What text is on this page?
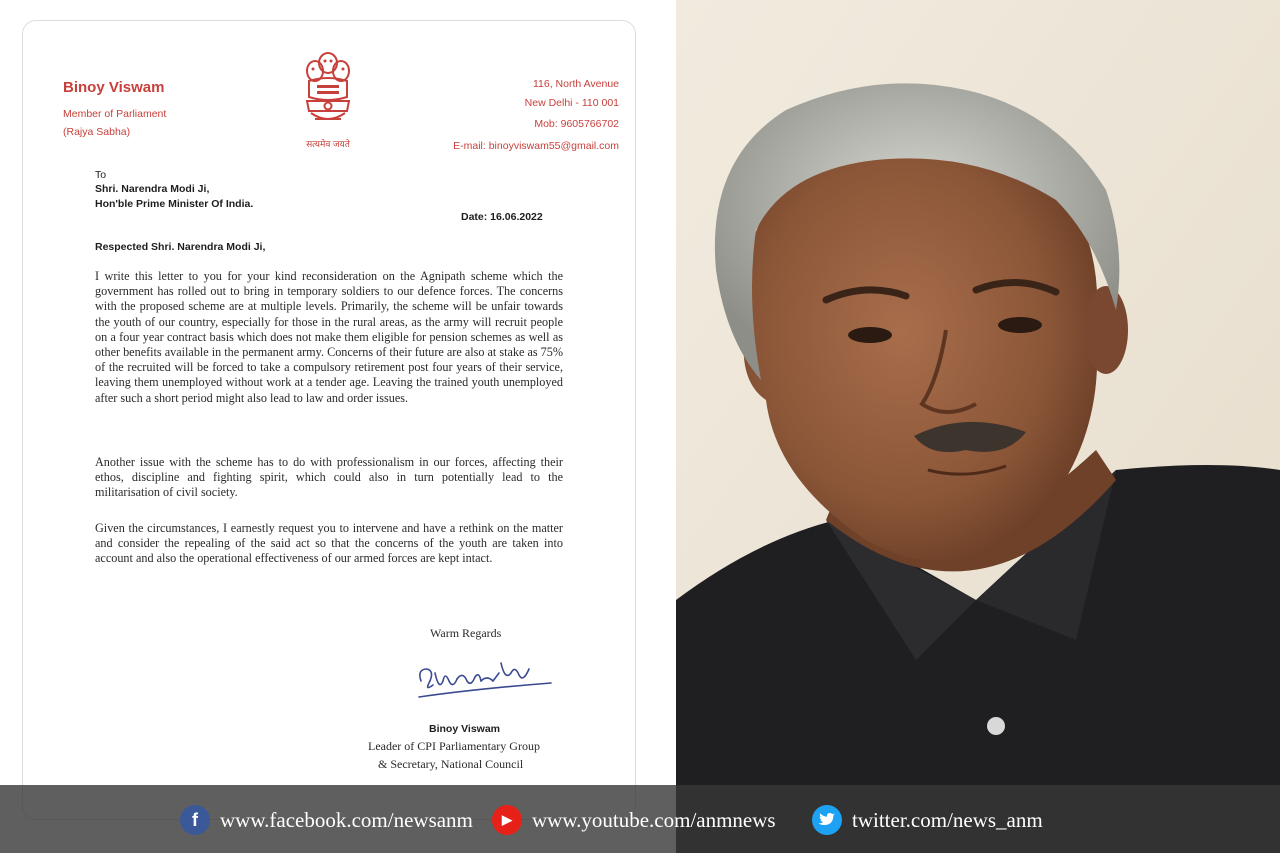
Binoy Viswam
Member of Parliament
(Rajya Sabha)
सत्यमेव जयते
116, North Avenue
New Delhi - 110 001
Mob: 9605766702
E-mail: binoyviswam55@gmail.com
To
Shri. Narendra Modi Ji,
Hon'ble Prime Minister Of India.
Date: 16.06.2022
Respected Shri. Narendra Modi Ji,
I write this letter to you for your kind reconsideration on the Agnipath scheme which the government has rolled out to bring in temporary soldiers to our defence forces. The concerns with the proposed scheme are at multiple levels. Primarily, the scheme will be unfair towards the youth of our country, especially for those in the rural areas, as the army will recruit people on a four year contract basis which does not make them eligible for pension schemes as well as other benefits available in the permanent army. Concerns of their future are also at stake as 75% of the recruited will be forced to take a compulsory retirement post four years of their service, leaving them unemployed without work at a tender age. Leaving the trained youth unemployed after such a short period might also lead to law and order issues.
Another issue with the scheme has to do with professionalism in our forces, affecting their ethos, discipline and fighting spirit, which could also in turn potentially lead to the militarisation of civil society.
Given the circumstances, I earnestly request you to intervene and have a rethink on the matter and consider the repealing of the said act so that the concerns of the youth are taken into account and also the operational effectiveness of our armed forces are kept intact.
Warm Regards
Binoy Viswam
Leader of CPI Parliamentary Group
& Secretary, National Council
f	www.facebook.com/newsanm	▶ www.youtube.com/anmnews	twitter.com/news_anm
